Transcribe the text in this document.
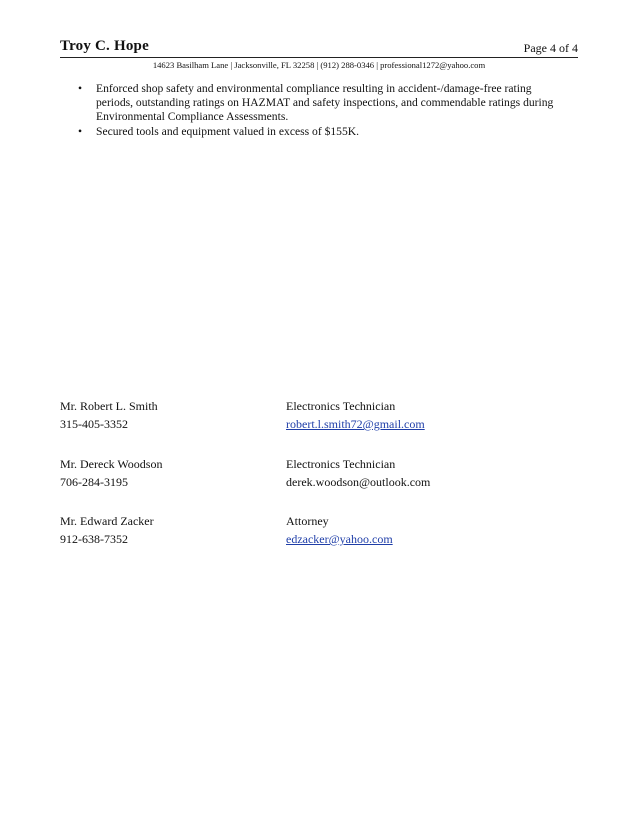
Troy C. Hope	Page 4 of 4
14623 Basilham Lane | Jacksonville, FL 32258 | (912) 288-0346 | professional1272@yahoo.com
• Enforced shop safety and environmental compliance resulting in accident-/damage-free rating periods, outstanding ratings on HAZMAT and safety inspections, and commendable ratings during Environmental Compliance Assessments.
• Secured tools and equipment valued in excess of $155K.
Mr. Robert L. Smith
315-405-3352
Electronics Technician
robert.l.smith72@gmail.com
Mr. Dereck Woodson
706-284-3195
Electronics Technician
derek.woodson@outlook.com
Mr. Edward Zacker
912-638-7352
Attorney
edzacker@yahoo.com
